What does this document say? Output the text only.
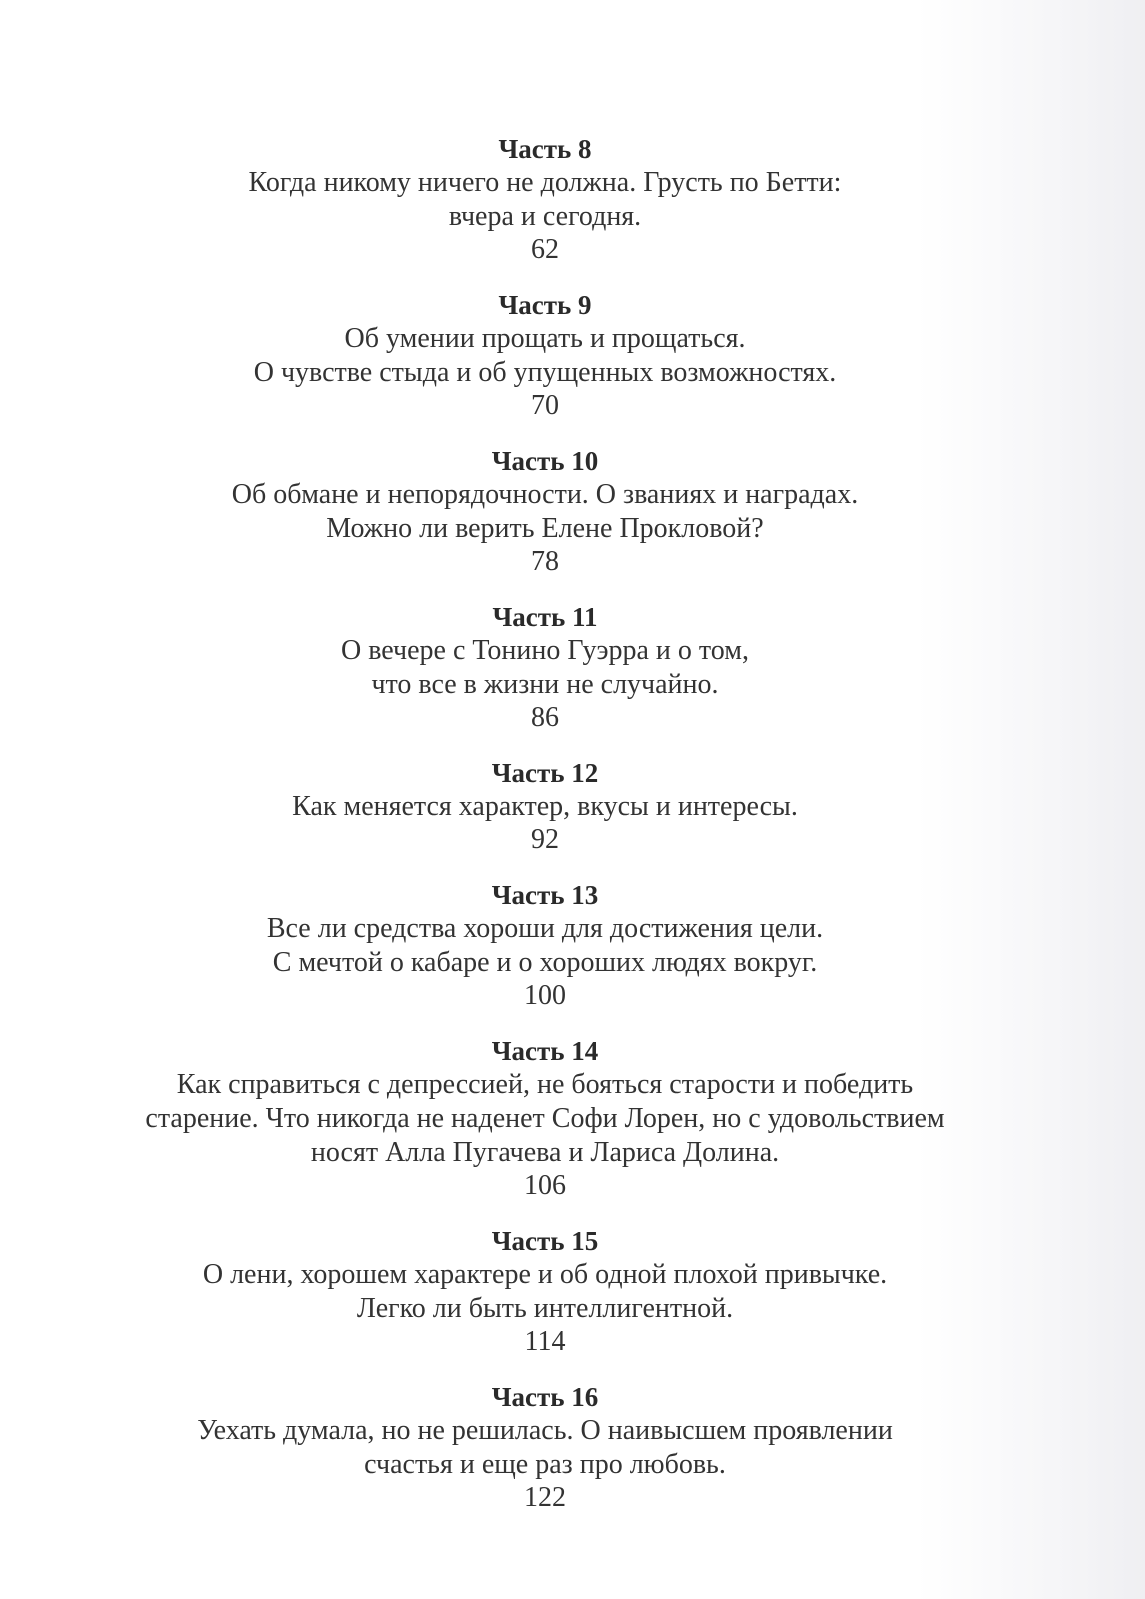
Часть 8
Когда никому ничего не должна. Грусть по Бетти:
вчера и сегодня.
62
Часть 9
Об умении прощать и прощаться.
О чувстве стыда и об упущенных возможностях.
70
Часть 10
Об обмане и непорядочности. О званиях и наградах.
Можно ли верить Елене Прокловой?
78
Часть 11
О вечере с Тонино Гуэрра и о том,
что все в жизни не случайно.
86
Часть 12
Как меняется характер, вкусы и интересы.
92
Часть 13
Все ли средства хороши для достижения цели.
С мечтой о кабаре и о хороших людях вокруг.
100
Часть 14
Как справиться с депрессией, не бояться старости и победить
старение. Что никогда не наденет Софи Лорен, но с удовольствием
носят Алла Пугачева и Лариса Долина.
106
Часть 15
О лени, хорошем характере и об одной плохой привычке.
Легко ли быть интеллигентной.
114
Часть 16
Уехать думала, но не решилась. О наивысшем проявлении
счастья и еще раз про любовь.
122
